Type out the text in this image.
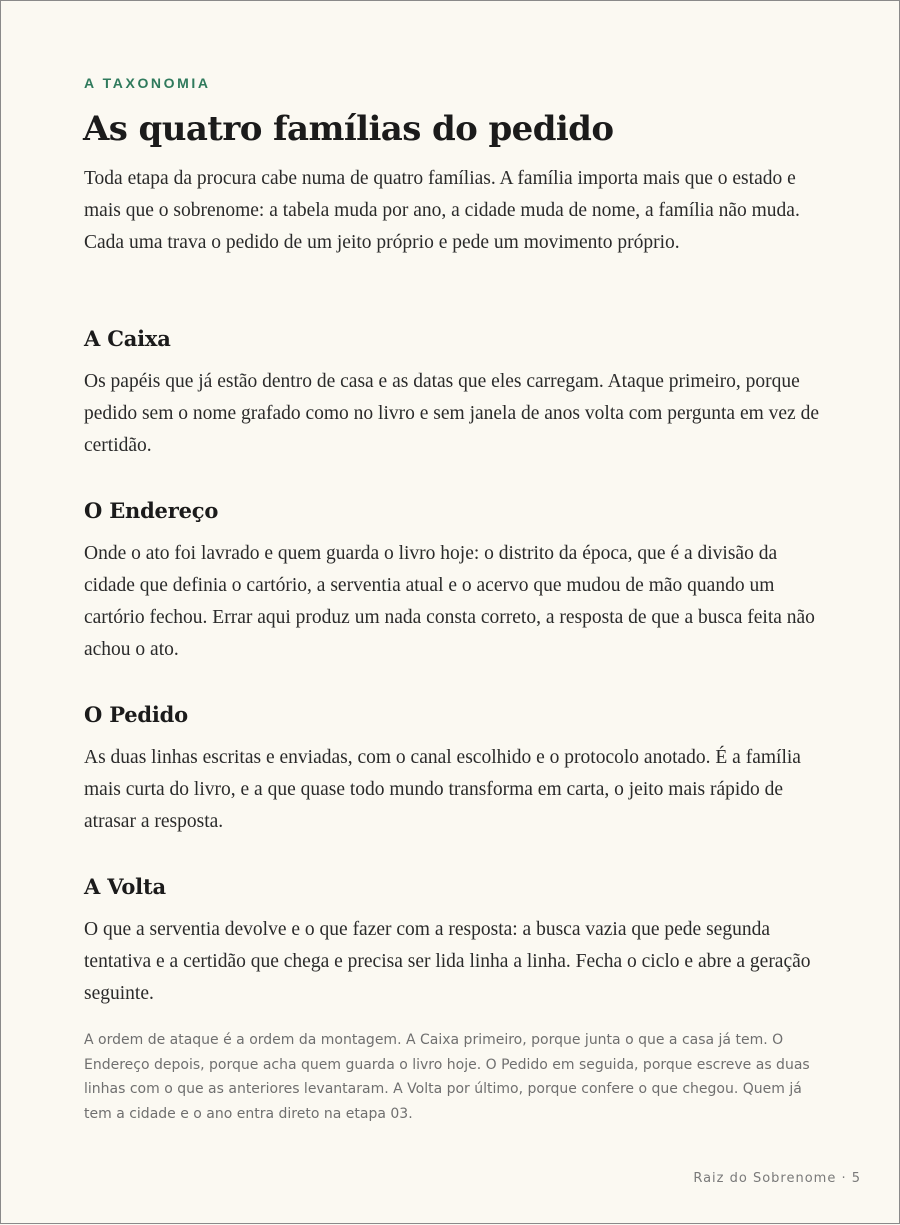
A TAXONOMIA

As quatro famílias do pedido

Toda etapa da procura cabe numa de quatro famílias. A família importa mais que o estado e mais que o sobrenome: a tabela muda por ano, a cidade muda de nome, a família não muda. Cada uma trava o pedido de um jeito próprio e pede um movimento próprio.

A Caixa

Os papéis que já estão dentro de casa e as datas que eles carregam. Ataque primeiro, porque pedido sem o nome grafado como no livro e sem janela de anos volta com pergunta em vez de certidão.

O Endereço

Onde o ato foi lavrado e quem guarda o livro hoje: o distrito da época, que é a divisão da cidade que definia o cartório, a serventia atual e o acervo que mudou de mão quando um cartório fechou. Errar aqui produz um nada consta correto, a resposta de que a busca feita não achou o ato.

O Pedido

As duas linhas escritas e enviadas, com o canal escolhido e o protocolo anotado. É a família mais curta do livro, e a que quase todo mundo transforma em carta, o jeito mais rápido de atrasar a resposta.

A Volta

O que a serventia devolve e o que fazer com a resposta: a busca vazia que pede segunda tentativa e a certidão que chega e precisa ser lida linha a linha. Fecha o ciclo e abre a geração seguinte.

A ordem de ataque é a ordem da montagem. A Caixa primeiro, porque junta o que a casa já tem. O Endereço depois, porque acha quem guarda o livro hoje. O Pedido em seguida, porque escreve as duas linhas com o que as anteriores levantaram. A Volta por último, porque confere o que chegou. Quem já tem a cidade e o ano entra direto na etapa 03.

Raiz do Sobrenome · 5
